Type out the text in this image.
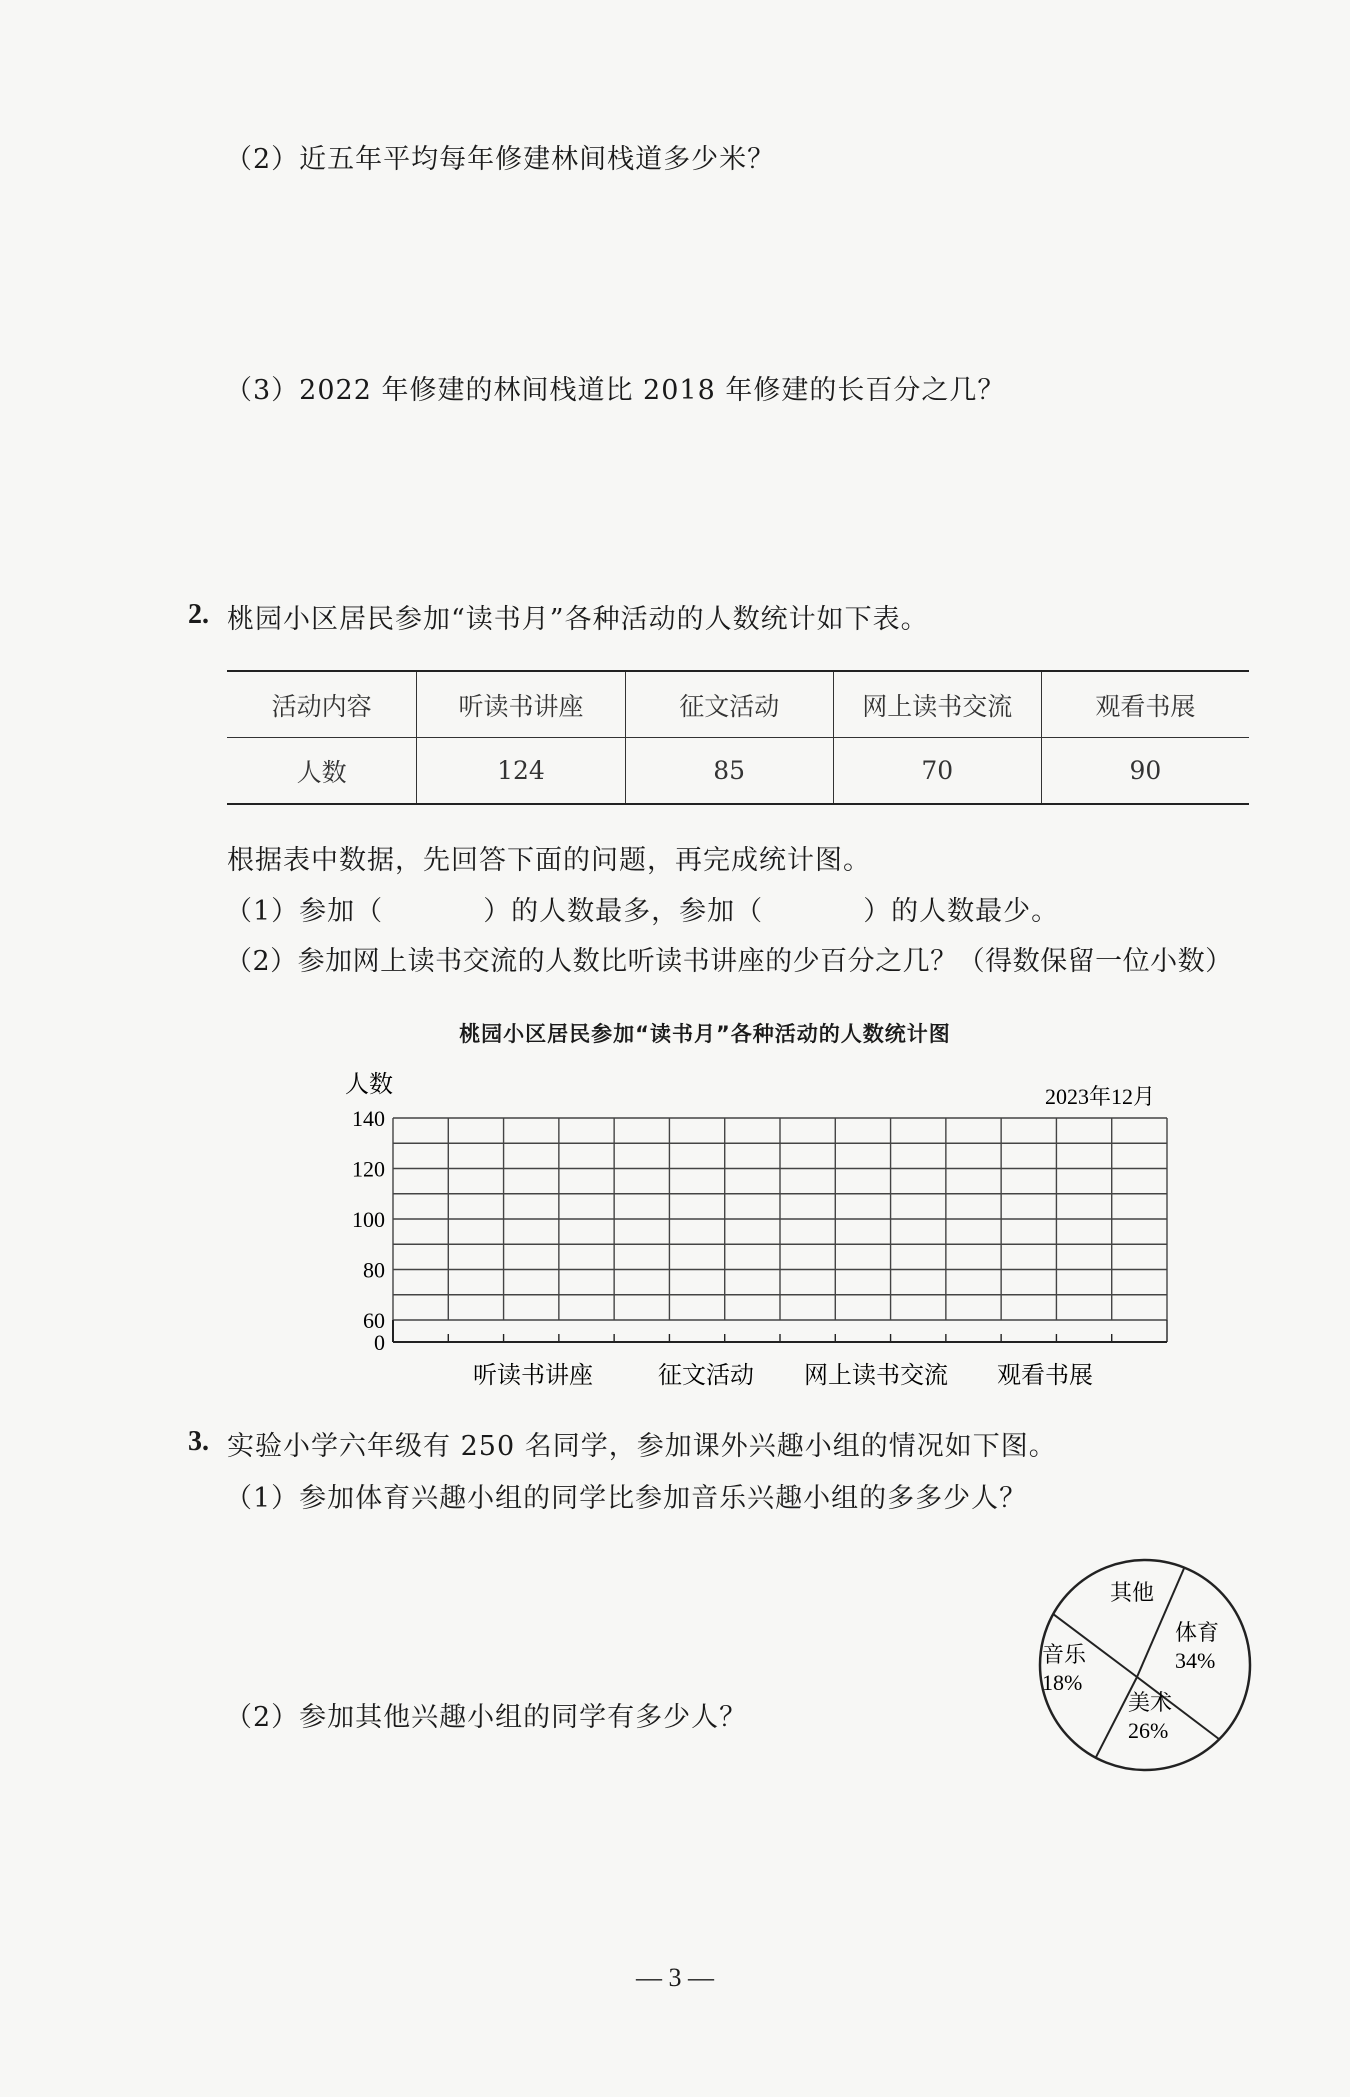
（2）近五年平均每年修建林间栈道多少米？
（3）2022 年修建的林间栈道比 2018 年修建的长百分之几？
2. 桃园小区居民参加“读书月”各种活动的人数统计如下表。
活动内容	听读书讲座	征文活动	网上读书交流	观看书展
人数	124	85	70	90
根据表中数据，先回答下面的问题，再完成统计图。
（1）参加（	）的人数最多，参加（	）的人数最少。
（2）参加网上读书交流的人数比听读书讲座的少百分之几？（得数保留一位小数）
桃园小区居民参加“读书月”各种活动的人数统计图
人数	2023年12月
0
60
80
100
120
140
听读书讲座	征文活动 网上读书交流 观看书展
3. 实验小学六年级有 250 名同学，参加课外兴趣小组的情况如下图。
（1）参加体育兴趣小组的同学比参加音乐兴趣小组的多多少人？
（2）参加其他兴趣小组的同学有多少人？
其他
体育
34%
音乐
18%
美术
26%
— 3 —
